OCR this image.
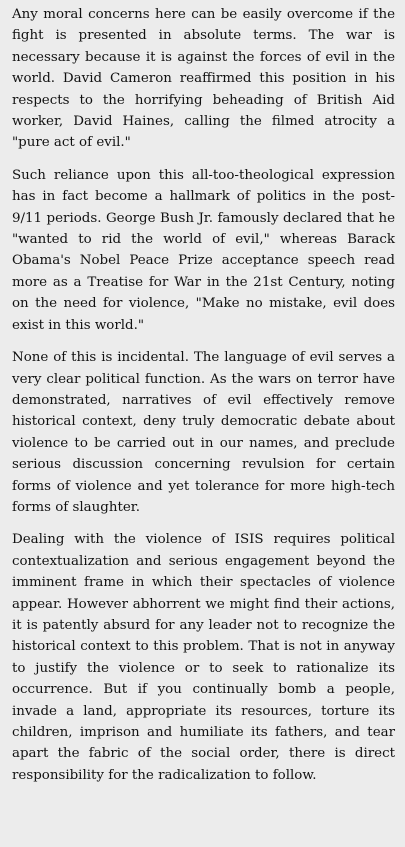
Any moral concerns here can be easily overcome if the fight is presented in absolute terms. The war is necessary because it is against the forces of evil in the world. David Cameron reaffirmed this position in his respects to the horrifying beheading of British Aid worker, David Haines, calling the filmed atrocity a "pure act of evil."

Such reliance upon this all-too-theological expression has in fact become a hallmark of politics in the post-9/11 periods. George Bush Jr. famously declared that he "wanted to rid the world of evil," whereas Barack Obama's Nobel Peace Prize acceptance speech read more as a Treatise for War in the 21st Century, noting on the need for violence, "Make no mistake, evil does exist in this world."

None of this is incidental. The language of evil serves a very clear political function. As the wars on terror have demonstrated, narratives of evil effectively remove historical context, deny truly democratic debate about violence to be carried out in our names, and preclude serious discussion concerning revulsion for certain forms of violence and yet tolerance for more high-tech forms of slaughter.

Dealing with the violence of ISIS requires political contextualization and serious engagement beyond the imminent frame in which their spectacles of violence appear. However abhorrent we might find their actions, it is patently absurd for any leader not to recognize the historical context to this problem. That is not in anyway to justify the violence or to seek to rationalize its occurrence. But if you continually bomb a people, invade a land, appropriate its resources, torture its children, imprison and humiliate its fathers, and tear apart the fabric of the social order, there is direct responsibility for the radicalization to follow.
